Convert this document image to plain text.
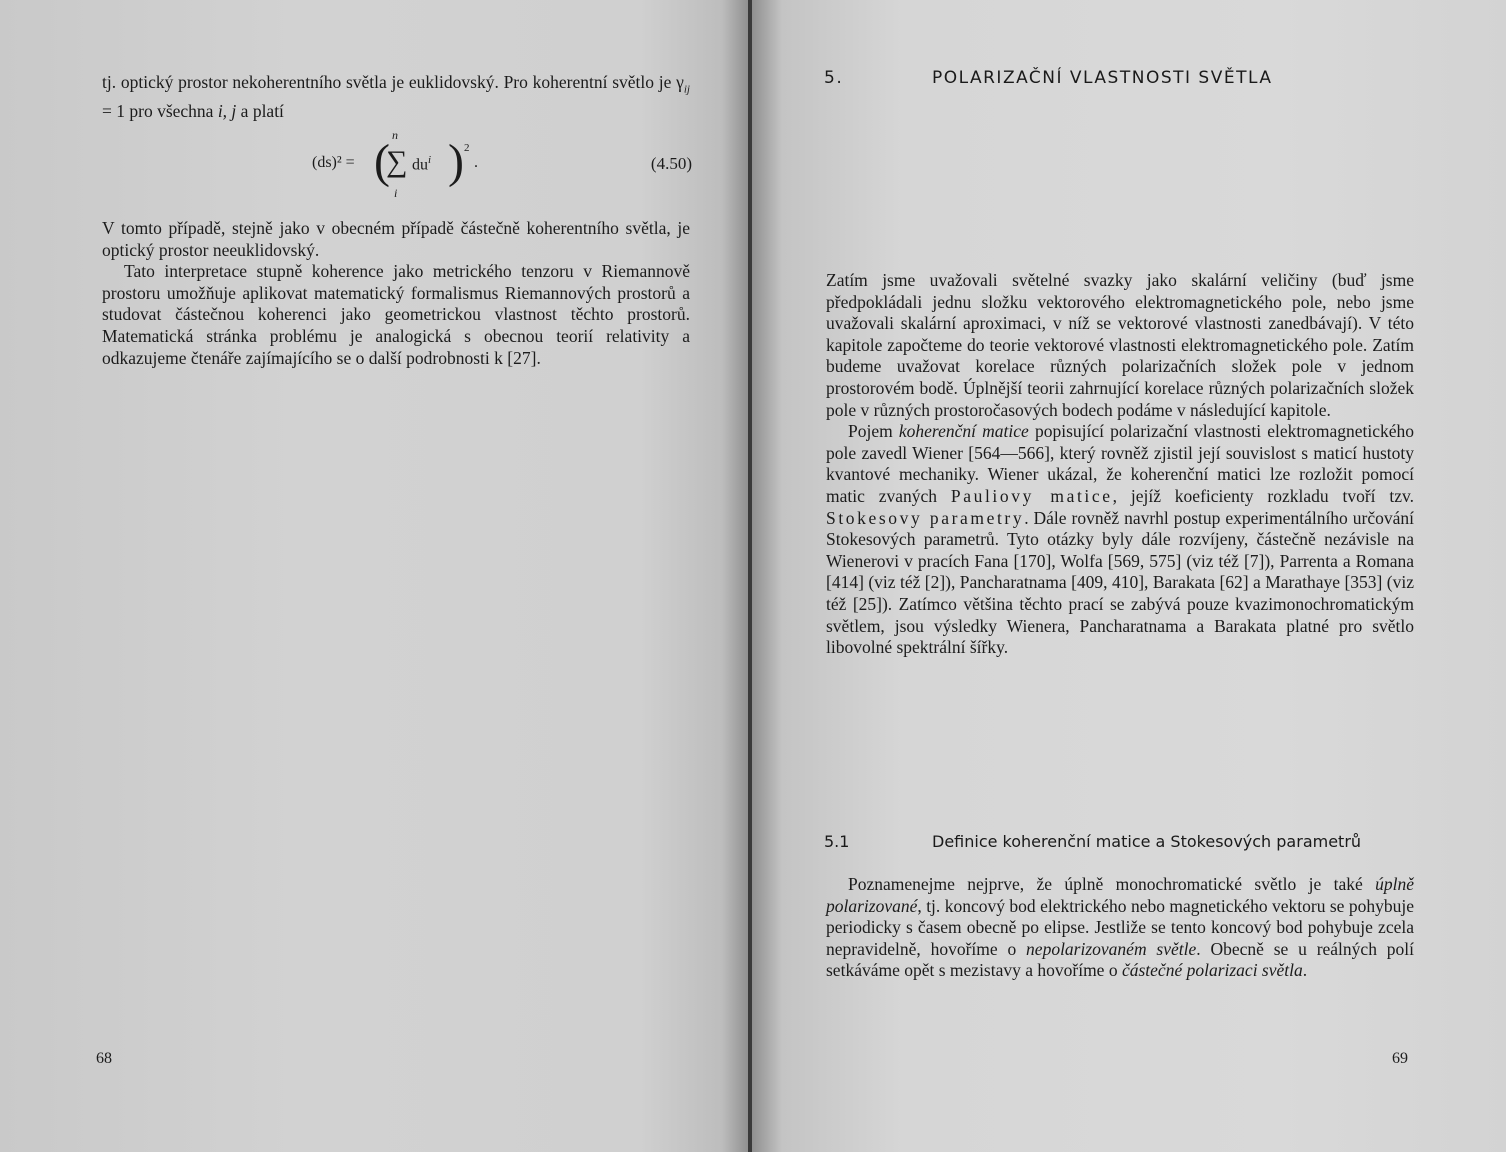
tj. optický prostor nekoherentního světla je euklidovský. Pro koherentní světlo je $\gamma_{ij} = 1$ pro všechna i, j a platí

(ds)² = ( n
∑
i
$du^i$ ) 2
.	(4.50)

V tomto případě, stejně jako v obecném případě částečně koherentního světla, je optický prostor neeuklidovský.

Tato interpretace stupně koherence jako metrického tenzoru v Riemannově prostoru umožňuje aplikovat matematický formalismus Riemannových prostorů a studovat částečnou koherenci jako geometrickou vlastnost těchto prostorů. Matematická stránka problému je analogická s obecnou teorií relativity a odkazujeme čtenáře zajímajícího se o další podrobnosti k [27].

68
5.	POLARIZAČNÍ VLASTNOSTI SVĚTLA

Zatím jsme uvažovali světelné svazky jako skalární veličiny (buď jsme předpokládali jednu složku vektorového elektromagnetického pole, nebo jsme uvažovali skalární aproximaci, v níž se vektorové vlastnosti zanedbávají). V této kapitole započteme do teorie vektorové vlastnosti elektromagnetického pole. Zatím budeme uvažovat korelace různých polarizačních složek pole v jednom prostorovém bodě. Úplnější teorii zahrnující korelace různých polarizačních složek pole v různých prostoročasových bodech podáme v následující kapitole.

Pojem koherenční matice popisující polarizační vlastnosti elektromagnetického pole zavedl Wiener [564—566], který rovněž zjistil její souvislost s maticí hustoty kvantové mechaniky. Wiener ukázal, že koherenční matici lze rozložit pomocí matic zvaných Pauliovy matice, jejíž koeficienty rozkladu tvoří tzv. Stokesovy parametry. Dále rovněž navrhl postup experimentálního určování Stokesových parametrů. Tyto otázky byly dále rozvíjeny, částečně nezávisle na Wienerovi v pracích Fana [170], Wolfa [569, 575] (viz též [7]), Parrenta a Romana [414] (viz též [2]), Pancharatnama [409, 410], Barakata [62] a Marathaye [353] (viz též [25]). Zatímco většina těchto prací se zabývá pouze kvazimonochromatickým světlem, jsou výsledky Wienera, Pancharatnama a Barakata platné pro světlo libovolné spektrální šířky.

5.1	Definice koherenční matice a Stokesových parametrů

Poznamenejme nejprve, že úplně monochromatické světlo je také úplně polarizované, tj. koncový bod elektrického nebo magnetického vektoru se pohybuje periodicky s časem obecně po elipse. Jestliže se tento koncový bod pohybuje zcela nepravidelně, hovoříme o nepolarizovaném světle. Obecně se u reálných polí setkáváme opět s mezistavy a hovoříme o částečné polarizaci světla.

69
